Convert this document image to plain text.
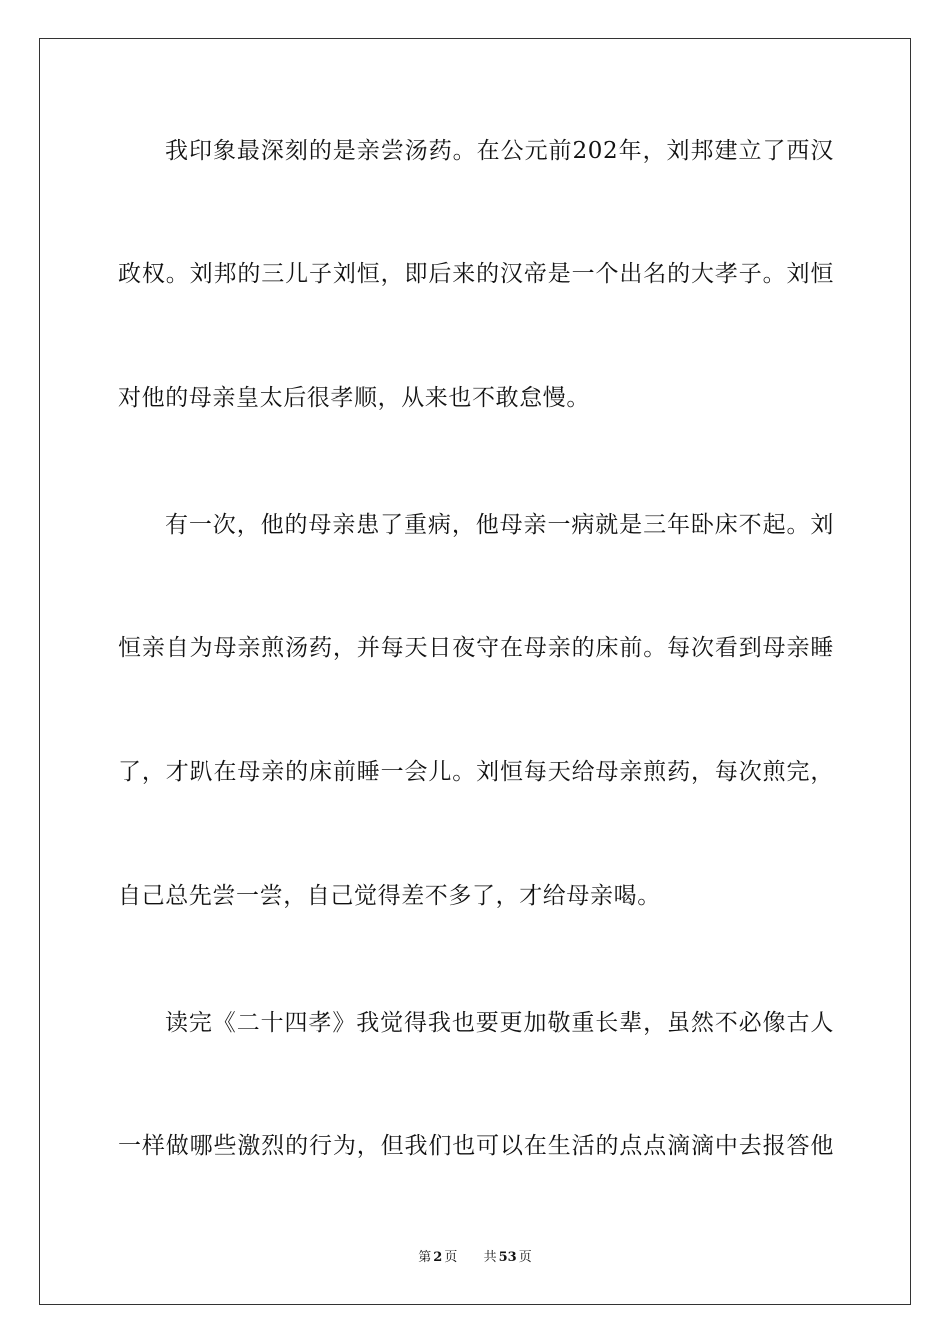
我印象最深刻的是亲尝汤药。在公元前202年，刘邦建立了西汉
政权。刘邦的三儿子刘恒，即后来的汉帝是一个出名的大孝子。刘恒
对他的母亲皇太后很孝顺，从来也不敢怠慢。
有一次，他的母亲患了重病，他母亲一病就是三年卧床不起。刘
恒亲自为母亲煎汤药，并每天日夜守在母亲的床前。每次看到母亲睡
了，才趴在母亲的床前睡一会儿。刘恒每天给母亲煎药，每次煎完，
自己总先尝一尝，自己觉得差不多了，才给母亲喝。
读完《二十四孝》我觉得我也要更加敬重长辈，虽然不必像古人
一样做哪些激烈的行为，但我们也可以在生活的点点滴滴中去报答他
第 2 页 共 53 页
